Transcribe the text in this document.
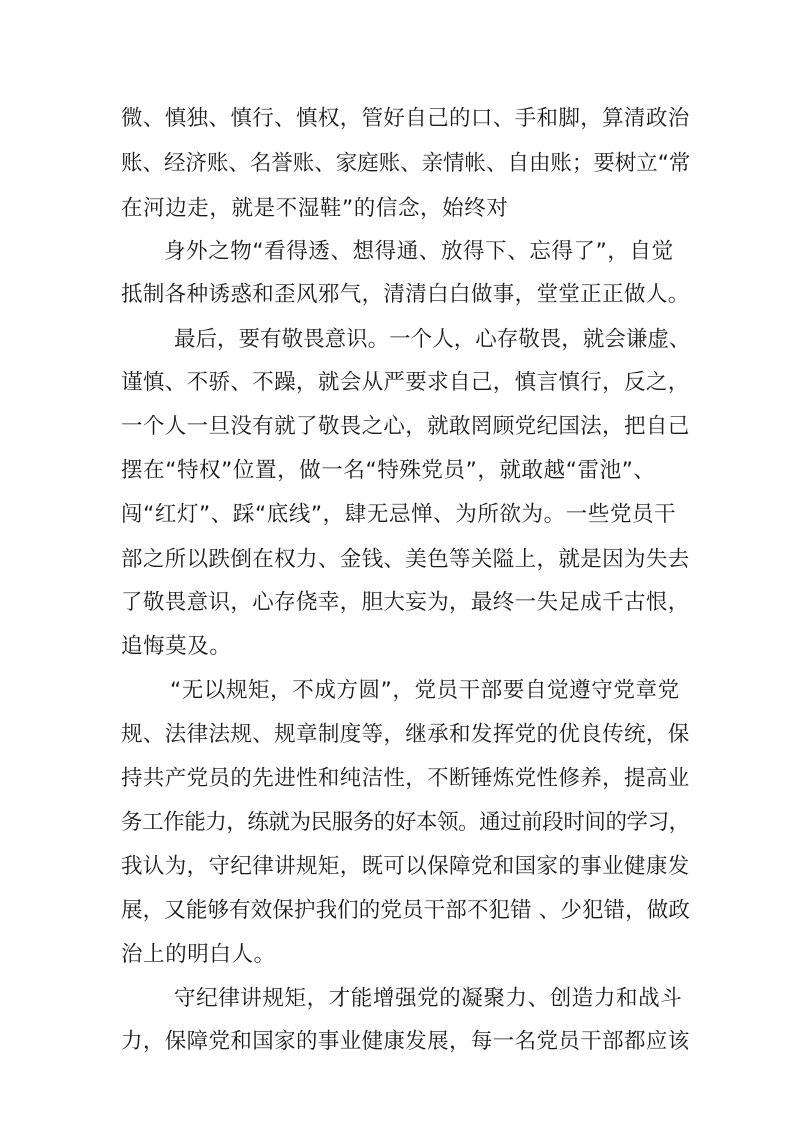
微、慎独、慎行、慎权，管好自己的口、手和脚，算清政治
账、经济账、名誉账、家庭账、亲情帐、自由账；要树立“常
在河边走，就是不湿鞋”的信念，始终对
身外之物“看得透、想得通、放得下、忘得了”，自觉
抵制各种诱惑和歪风邪气，清清白白做事，堂堂正正做人。
最后，要有敬畏意识。一个人，心存敬畏，就会谦虚、
谨慎、不骄、不躁，就会从严要求自己，慎言慎行，反之，
一个人一旦没有就了敬畏之心，就敢罔顾党纪国法，把自己
摆在“特权”位置，做一名“特殊党员”，就敢越“雷池”、
闯“红灯”、踩“底线”，肆无忌惮、为所欲为。一些党员干
部之所以跌倒在权力、金钱、美色等关隘上，就是因为失去
了敬畏意识，心存侥幸，胆大妄为，最终一失足成千古恨，
追悔莫及。
“无以规矩，不成方圆”，党员干部要自觉遵守党章党
规、法律法规、规章制度等，继承和发挥党的优良传统，保
持共产党员的先进性和纯洁性，不断锤炼党性修养，提高业
务工作能力，练就为民服务的好本领。通过前段时间的学习，
我认为，守纪律讲规矩，既可以保障党和国家的事业健康发
展，又能够有效保护我们的党员干部不犯错 、少犯错，做政
治上的明白人。
守纪律讲规矩，才能增强党的凝聚力、创造力和战斗
力，保障党和国家的事业健康发展，每一名党员干部都应该
